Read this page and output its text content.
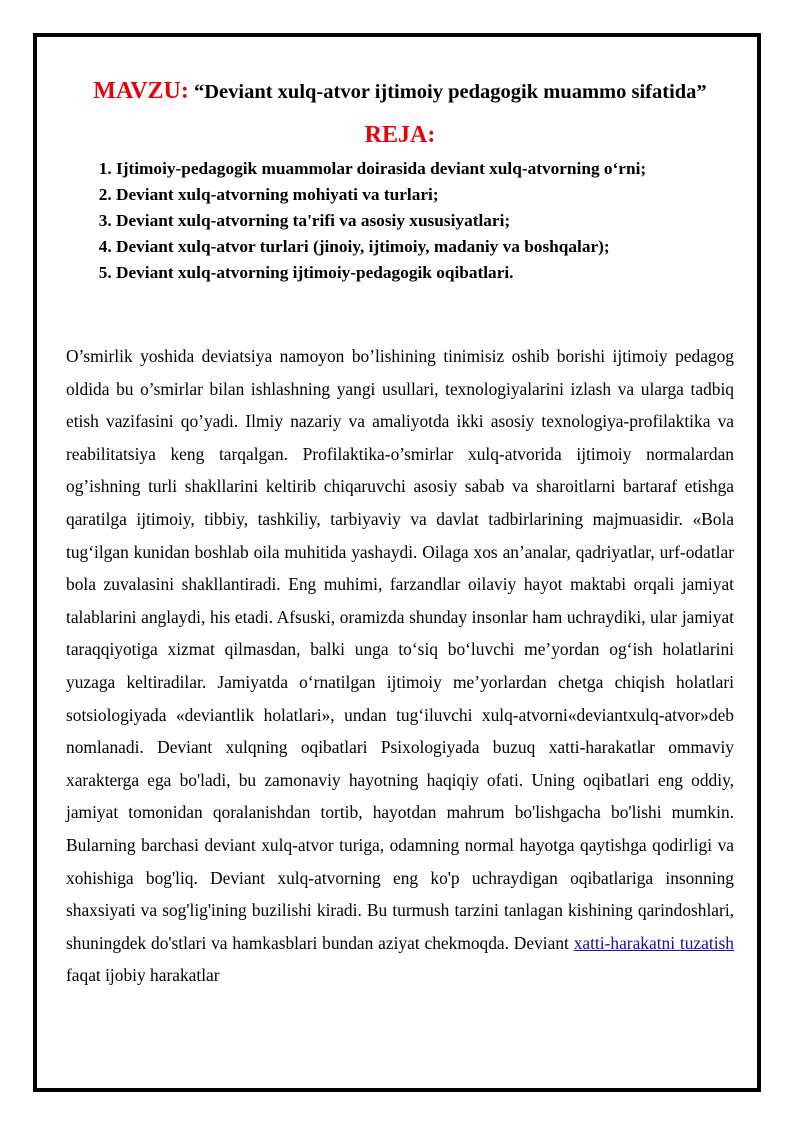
MAVZU: “Deviant xulq-atvor ijtimoiy pedagogik muammo sifatida”
REJA:
1. Ijtimoiy-pedagogik muammolar doirasida deviant xulq-atvorning o‘rni;
2. Deviant xulq-atvorning mohiyati va turlari;
3. Deviant xulq-atvorning ta'rifi va asosiy xususiyatlari;
4. Deviant xulq-atvor turlari (jinoiy, ijtimoiy, madaniy va boshqalar);
5. Deviant xulq-atvorning ijtimoiy-pedagogik oqibatlari.

O’smirlik yoshida deviatsiya namoyon bo’lishining tinimisiz oshib borishi ijtimoiy pedagog oldida bu o’smirlar bilan ishlashning yangi usullari, texnologiyalarini izlash va ularga tadbiq etish vazifasini qo’yadi. Ilmiy nazariy va amaliyotda ikki asosiy texnologiya-profilaktika va reabilitatsiya keng tarqalgan. Profilaktika-o’smirlar xulq-atvorida ijtimoiy normalardan og’ishning turli shakllarini keltirib chiqaruvchi asosiy sabab va sharoitlarni bartaraf etishga qaratilga ijtimoiy, tibbiy, tashkiliy, tarbiyaviy va davlat tadbirlarining majmuasidir. «Bola tug‘ilgan kunidan boshlab oila muhitida yashaydi. Oilaga xos an’analar, qadriyatlar, urf-odatlar bola zuvalasini shakllantiradi. Eng muhimi, farzandlar oilaviy hayot maktabi orqali jamiyat talablarini anglaydi, his etadi. Afsuski, oramizda shunday insonlar ham uchraydiki, ular jamiyat taraqqiyotiga xizmat qilmasdan, balki unga to‘siq bo‘luvchi me’yordan og‘ish holatlarini yuzaga keltiradilar. Jamiyatda o‘rnatilgan ijtimoiy me’yorlardan chetga chiqish holatlari sotsiologiyada «deviantlik holatlari», undan tug‘iluvchi xulq-atvorni«deviantxulq-atvor»deb nomlanadi. Deviant xulqning oqibatlari Psixologiyada buzuq xatti-harakatlar ommaviy xarakterga ega bo'ladi, bu zamonaviy hayotning haqiqiy ofati. Uning oqibatlari eng oddiy, jamiyat tomonidan qoralanishdan tortib, hayotdan mahrum bo'lishgacha bo'lishi mumkin. Bularning barchasi deviant xulq-atvor turiga, odamning normal hayotga qaytishga qodirligi va xohishiga bog'liq. Deviant xulq-atvorning eng ko'p uchraydigan oqibatlariga insonning shaxsiyati va sog'lig'ining buzilishi kiradi. Bu turmush tarzini tanlagan kishining qarindoshlari, shuningdek do'stlari va hamkasblari bundan aziyat chekmoqda. Deviant xatti-harakatni tuzatish faqat ijobiy harakatlar
